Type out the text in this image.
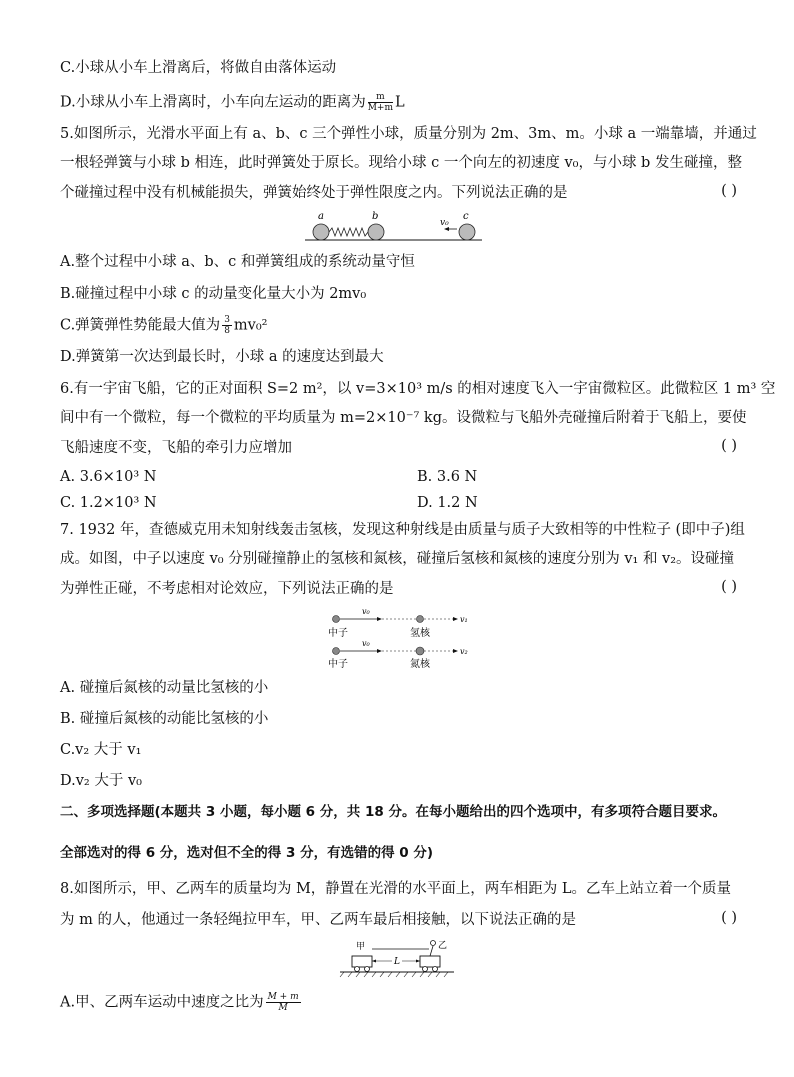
C.小球从小车上滑离后，将做自由落体运动
D.小球从小车上滑离时，小车向左运动的距离为 $\frac{m}{M+m}$ L
5.如图所示，光滑水平面上有 a、b、c 三个弹性小球，质量分别为 2m、3m、m。小球 a 一端靠墙，并通过
一根轻弹簧与小球 b 相连，此时弹簧处于原长。现给小球 c 一个向左的初速度 v₀，与小球 b 发生碰撞，整
个碰撞过程中没有机械能损失，弹簧始终处于弹性限度之内。下列说法正确的是	( )
a	b	c
v₀
A.整个过程中小球 a、b、c 和弹簧组成的系统动量守恒
B.碰撞过程中小球 c 的动量变化量大小为 2mv₀
C.弹簧弹性势能最大值为 $\frac{3}{8} mv_0^2$
D.弹簧第一次达到最长时，小球 a 的速度达到最大
6.有一宇宙飞船，它的正对面积 S=2 m²，以 v=3×10³ m/s 的相对速度飞入一宇宙微粒区。此微粒区 1 m³ 空
间中有一个微粒，每一个微粒的平均质量为 m=2×10⁻⁷ kg。设微粒与飞船外壳碰撞后附着于飞船上，要使
飞船速度不变，飞船的牵引力应增加	( )
A. 3.6×10³ N	B. 3.6 N
C. 1.2×10³ N	D. 1.2 N
7. 1932 年，查德威克用未知射线轰击氢核，发现这种射线是由质量与质子大致相等的中性粒子 (即中子)组
成。如图，中子以速度 v₀ 分别碰撞静止的氢核和氮核，碰撞后氢核和氮核的速度分别为 v₁ 和 v₂。设碰撞
为弹性正碰，不考虑相对论效应，下列说法正确的是	( )
中子	氢核
v₀
v₁
中子	氮核
v₀
v₂
A. 碰撞后氮核的动量比氢核的小
B. 碰撞后氮核的动能比氢核的小
C.v₂ 大于 v₁
D.v₂ 大于 v₀
二、多项选择题(本题共 3 小题，每小题 6 分，共 18 分。在每小题给出的四个选项中，有多项符合题目要求。
全部选对的得 6 分，选对但不全的得 3 分，有选错的得 0 分)
8.如图所示，甲、乙两车的质量均为 M，静置在光滑的水平面上，两车相距为 L。乙车上站立着一个质量
为 m 的人，他通过一条轻绳拉甲车，甲、乙两车最后相接触，以下说法正确的是	( )
L
甲	乙
A.甲、乙两车运动中速度之比为 $\frac{M + m}{M}$
